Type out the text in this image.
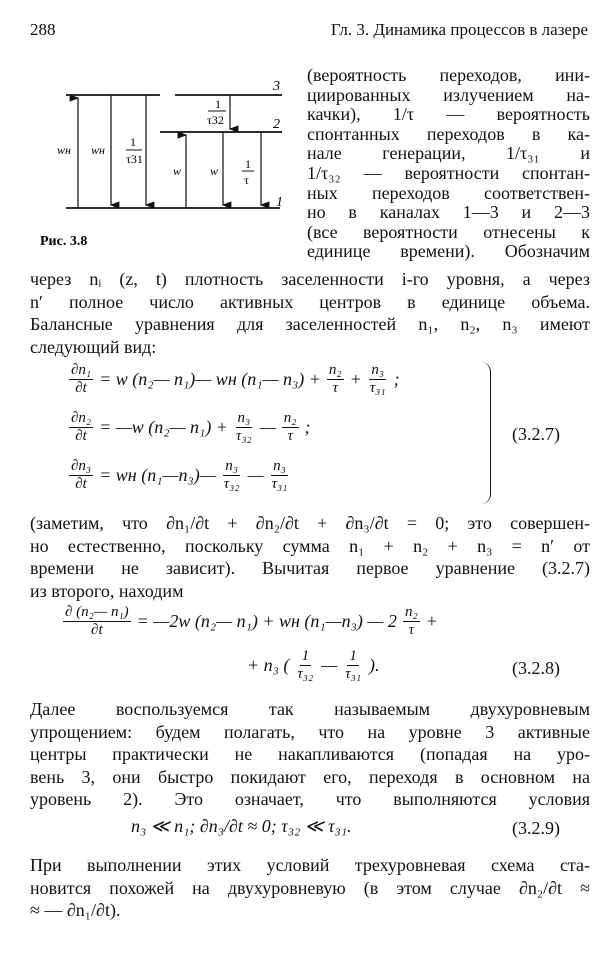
288	Гл. 3. Динамика процессов в лазере
wн wн
1
τ31
w w 1
τ
1
τ32
3
2
1
Рис. 3.8
(вероятность переходов, ини-
циированных излучением на-
качки), 1/τ — вероятность
спонтанных переходов в ка-
нале генерации, 1/τ₃₁ и
1/τ₃₂ — вероятности спонтан-
ных переходов соответствен-
но в каналах 1—3 и 2—3
(все вероятности отнесены к
единице времени). Обозначим
через nᵢ (z, t) плотность заселенности i-го уровня, а через
n′ полное число активных центров в единице объема.
Балансные уравнения для заселенностей n₁, n₂, n₃ имеют
следующий вид:
(заметим, что ∂n₁/∂t + ∂n₂/∂t + ∂n₃/∂t = 0; это совершен-
но естественно, поскольку сумма n₁ + n₂ + n₃ = n′ от
времени не зависит). Вычитая первое уравнение (3.2.7)
из второго, находим
Далее воспользуемся так называемым двухуровневым
упрощением: будем полагать, что на уровне 3 активные
центры практически не накапливаются (попадая на уро-
вень 3, они быстро покидают его, переходя в основном на
уровень 2). Это означает, что выполняются условия
При выполнении этих условий трехуровневая схема ста-
новится похожей на двухуровневую (в этом случае ∂n₂/∂t ≈
≈ — ∂n₁/∂t).
$\frac{\text{∂n₁}}{\partial t} = w$ (n₂— n₁)— wн (n₁— $n_3) + \frac{\text{n₂}}{\tau} + \frac{\text{n₃}}{\text{τ₃₁}}$ ;
$\frac{\text{∂n₂}}{\partial t}$ = —w (n₂— $n_1) + \frac{\text{n₃}}{\text{τ₃₂}}$ — $\frac{\text{n₂}}{\tau}$ ;
$\frac{\text{∂n₃}}{\partial t}$ = wн (n₁—n₃)— $\frac{\text{n₃}}{\text{τ₃₂}}$ — $\frac{\text{n₃}}{\text{τ₃₁}}$
(3.2.7)
$\frac{\text{∂ (n₂— n₁)}}{\partial t}$ = —2w (n₂— n₁) + wн (n₁—n₃) — $2 \frac{\text{n₂}}{\tau}$ +
+ n₃ ( $\frac{1}{\text{τ₃₂}}$ — $\frac{1}{\text{τ₃₁}}$ ).	(3.2.8)
n₃ ≪ n₁; ∂n₃/∂t ≈ 0; τ₃₂ ≪ τ₃₁.	(3.2.9)
